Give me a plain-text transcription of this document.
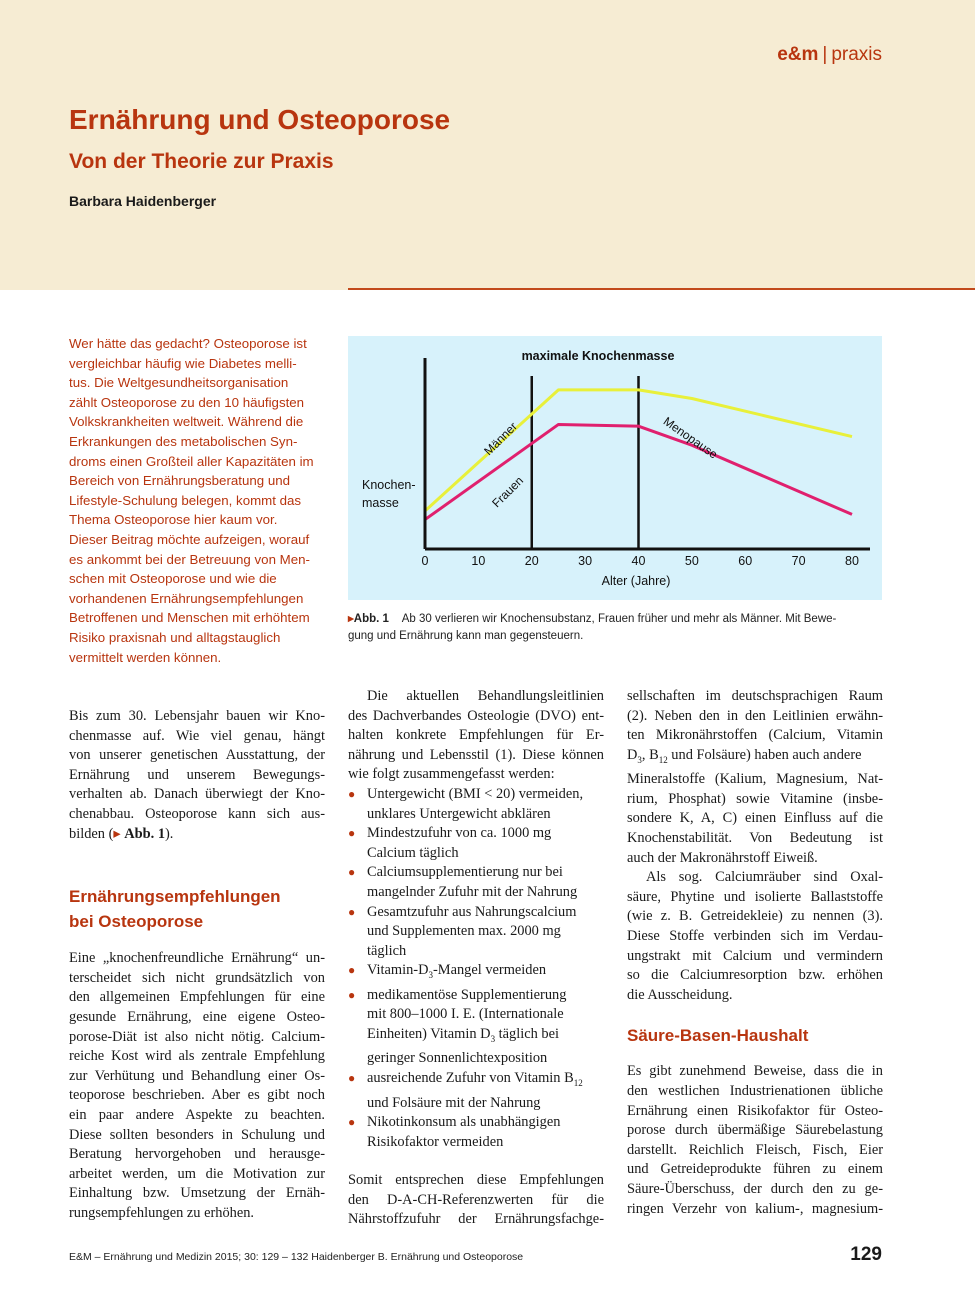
e&m | praxis
Ernährung und Osteoporose
Von der Theorie zur Praxis
Barbara Haidenberger
Wer hätte das gedacht? Osteoporose ist
vergleichbar häufig wie Diabetes melli-
tus. Die Weltgesundheitsorganisation
zählt Osteoporose zu den 10 häufigsten
Volkskrankheiten weltweit. Während die
Erkrankungen des metabolischen Syn-
droms einen Großteil aller Kapazitäten im
Bereich von Ernährungsberatung und
Lifestyle-Schulung belegen, kommt das
Thema Osteoporose hier kaum vor.
Dieser Beitrag möchte aufzeigen, worauf
es ankommt bei der Betreuung von Men-
schen mit Osteoporose und wie die
vorhandenen Ernährungsempfehlungen
Betroffenen und Menschen mit erhöhtem
Risiko praxisnah und alltagstauglich
vermittelt werden können.
0	10	20	30	40	50	60	70	80
maximale Knochenmasse
Knochen-
masse
Alter (Jahre)
Männer
Frauen
Menopause
▸Abb. 1 Ab 30 verlieren wir Knochensubstanz, Frauen früher und mehr als Männer. Mit Bewe-
gung und Ernährung kann man gegensteuern.
Bis zum 30. Lebensjahr bauen wir Kno-
chenmasse auf. Wie viel genau, hängt
von unserer genetischen Ausstattung, der
Ernährung und unserem Bewegungs-
verhalten ab. Danach überwiegt der Kno-
chenabbau. Osteoporose kann sich aus-
bilden (▸ Abb. 1).
Ernährungsempfehlungen
bei Osteoporose
Eine „knochenfreundliche Ernährung“ un-
terscheidet sich nicht grundsätzlich von
den allgemeinen Empfehlungen für eine
gesunde Ernährung, eine eigene Osteo-
porose-Diät ist also nicht nötig. Calcium-
reiche Kost wird als zentrale Empfehlung
zur Verhütung und Behandlung einer Os-
teoporose beschrieben. Aber es gibt noch
ein paar andere Aspekte zu beachten.
Diese sollten besonders in Schulung und
Beratung hervorgehoben und herausge-
arbeitet werden, um die Motivation zur
Einhaltung bzw. Umsetzung der Ernäh-
rungsempfehlungen zu erhöhen.
Die aktuellen Behandlungsleitlinien
des Dachverbandes Osteologie (DVO) ent-
halten konkrete Empfehlungen für Er-
nährung und Lebensstil (1). Diese können
wie folgt zusammengefasst werden:
● Untergewicht (BMI < 20) vermeiden,
unklares Untergewicht abklären
● Mindestzufuhr von ca. 1000 mg
Calcium täglich
● Calciumsupplementierung nur bei
mangelnder Zufuhr mit der Nahrung
● Gesamtzufuhr aus Nahrungscalcium
und Supplementen max. 2000 mg
täglich
● Vitamin-$D_3$-Mangel vermeiden
● medikamentöse Supplementierung
mit 800–1000 I. E. (Internationale
Einheiten) Vitamin $D_3$ täglich bei
geringer Sonnenlichtexposition
● ausreichende Zufuhr von Vitamin $B_{12}$
und Folsäure mit der Nahrung
● Nikotinkonsum als unabhängigen
Risikofaktor vermeiden
Somit entsprechen diese Empfehlungen
den D-A-CH-Referenzwerten für die
Nährstoffzufuhr der Ernährungsfachge-
sellschaften im deutschsprachigen Raum
(2). Neben den in den Leitlinien erwähn-
ten Mikronährstoffen (Calcium, Vitamin
$D_3$, $B_{12}$ und Folsäure) haben auch andere
Mineralstoffe (Kalium, Magnesium, Nat-
rium, Phosphat) sowie Vitamine (insbe-
sondere K, A, C) einen Einfluss auf die
Knochenstabilität. Von Bedeutung ist
auch der Makronährstoff Eiweiß.
Als sog. Calciumräuber sind Oxal-
säure, Phytine und isolierte Ballaststoffe
(wie z. B. Getreidekleie) zu nennen (3).
Diese Stoffe verbinden sich im Verdau-
ungstrakt mit Calcium und vermindern
so die Calciumresorption bzw. erhöhen
die Ausscheidung.
Säure-Basen-Haushalt
Es gibt zunehmend Beweise, dass die in
den westlichen Industrienationen übliche
Ernährung einen Risikofaktor für Osteo-
porose durch übermäßige Säurebelastung
darstellt. Reichlich Fleisch, Fisch, Eier
und Getreideprodukte führen zu einem
Säure-Überschuss, der durch den zu ge-
ringen Verzehr von kalium-, magnesium-
E&M – Ernährung und Medizin 2015; 30: 129 – 132 Haidenberger B. Ernährung und Osteoporose	129
